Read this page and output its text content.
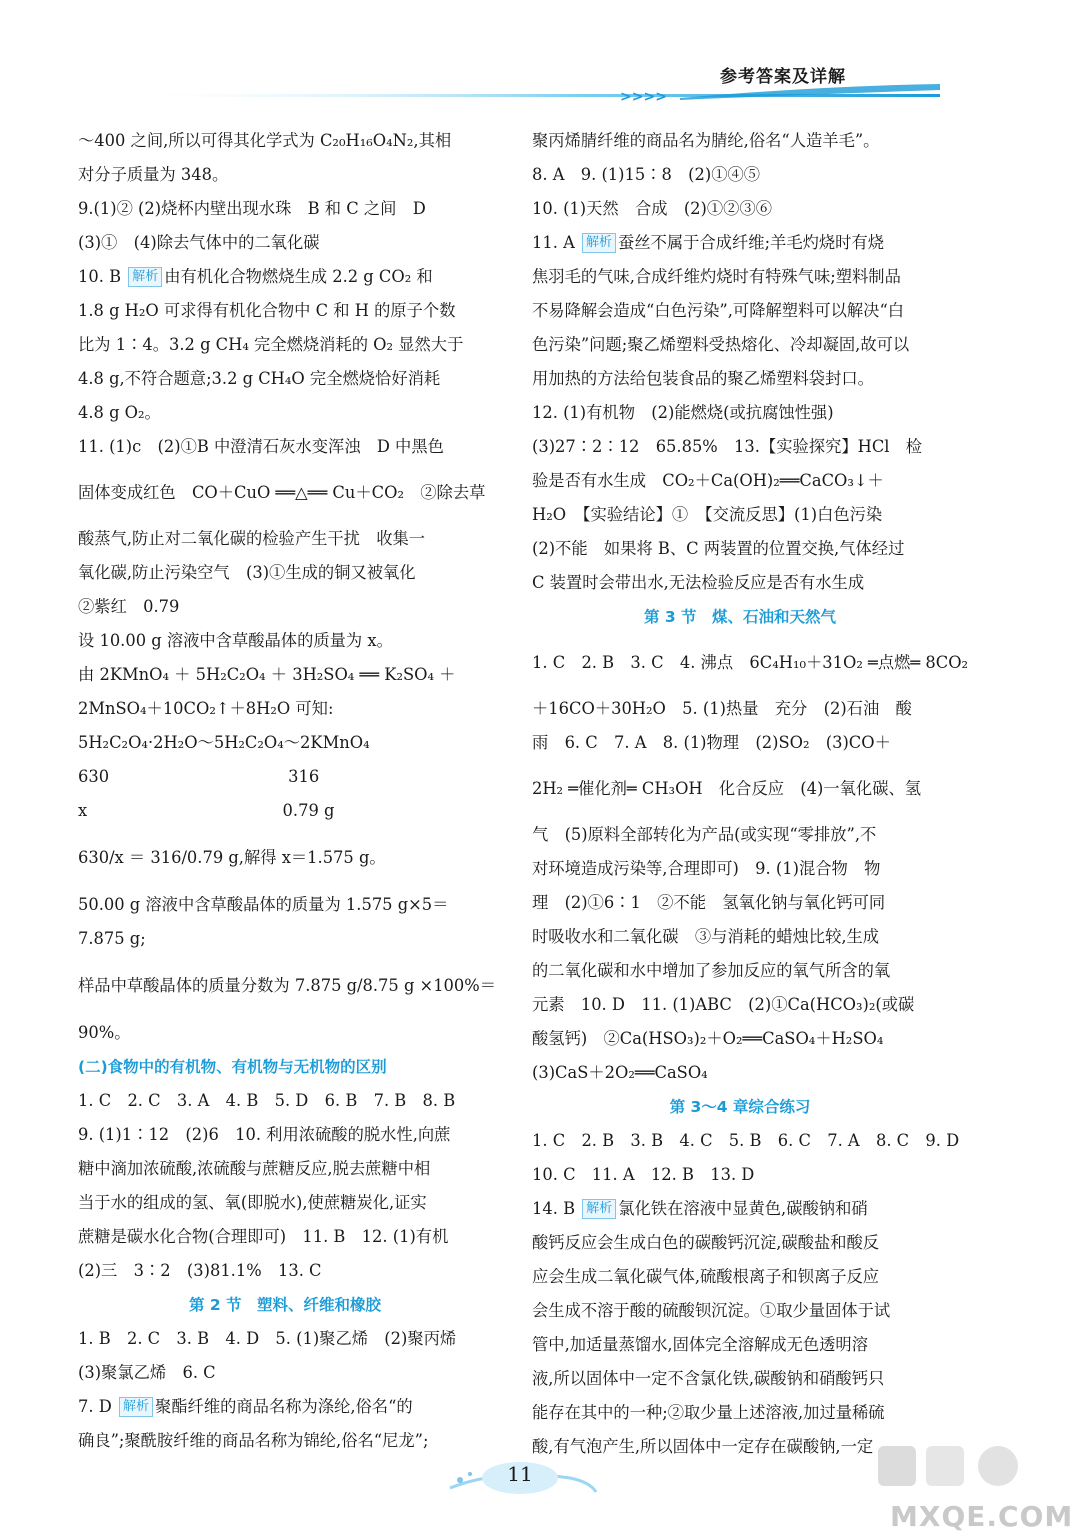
参考答案及详解
>>>>
～400 之间,所以可得其化学式为 C₂₀H₁₆O₄N₂,其相
对分子质量为 348。
9.(1)② (2)烧杯内壁出现水珠　B 和 C 之间　D
(3)①　(4)除去气体中的二氧化碳
10. B 解析 由有机化合物燃烧生成 2.2 g CO₂ 和
1.8 g H₂O 可求得有机化合物中 C 和 H 的原子个数
比为 1∶4。3.2 g CH₄ 完全燃烧消耗的 O₂ 显然大于
4.8 g,不符合题意;3.2 g CH₄O 完全燃烧恰好消耗
4.8 g O₂。
11. (1)c　(2)①B 中澄清石灰水变浑浊　D 中黑色
固体变成红色　CO＋CuO ══△══ Cu＋CO₂　②除去草
酸蒸气,防止对二氧化碳的检验产生干扰　收集一
氧化碳,防止污染空气　(3)①生成的铜又被氧化
②紫红　0.79
设 10.00 g 溶液中含草酸晶体的质量为 x。
由 2KMnO₄ ＋ 5H₂C₂O₄ ＋ 3H₂SO₄ ══ K₂SO₄ ＋
2MnSO₄＋10CO₂↑＋8H₂O 可知:
5H₂C₂O₄·2H₂O～5H₂C₂O₄～2KMnO₄
630　　　　　　　　　　　316
x　　　　　　　　　　　　0.79 g
630/x ＝ 316/0.79 g,解得 x＝1.575 g。
50.00 g 溶液中含草酸晶体的质量为 1.575 g×5＝
7.875 g;
样品中草酸晶体的质量分数为 7.875 g/8.75 g ×100%＝
90%。
(二)食物中的有机物、有机物与无机物的区别
1. C　2. C　3. A　4. B　5. D　6. B　7. B　8. B
9. (1)1∶12　(2)6　10. 利用浓硫酸的脱水性,向蔗
糖中滴加浓硫酸,浓硫酸与蔗糖反应,脱去蔗糖中相
当于水的组成的氢、氧(即脱水),使蔗糖炭化,证实
蔗糖是碳水化合物(合理即可)　11. B　12. (1)有机
(2)三　3∶2　(3)81.1%　13. C
第 2 节　塑料、纤维和橡胶
1. B　2. C　3. B　4. D　5. (1)聚乙烯　(2)聚丙烯
(3)聚氯乙烯　6. C
7. D 解析 聚酯纤维的商品名称为涤纶,俗名“的
确良”;聚酰胺纤维的商品名称为锦纶,俗名“尼龙”;
聚丙烯腈纤维的商品名为腈纶,俗名“人造羊毛”。
8. A　9. (1)15∶8　(2)①④⑤
10. (1)天然　合成　(2)①②③⑥
11. A 解析 蚕丝不属于合成纤维;羊毛灼烧时有烧
焦羽毛的气味,合成纤维灼烧时有特殊气味;塑料制品
不易降解会造成“白色污染”,可降解塑料可以解决“白
色污染”问题;聚乙烯塑料受热熔化、冷却凝固,故可以
用加热的方法给包装食品的聚乙烯塑料袋封口。
12. (1)有机物　(2)能燃烧(或抗腐蚀性强)
(3)27∶2∶12　65.85%　13.【实验探究】HCl　检
验是否有水生成　CO₂＋Ca(OH)₂══CaCO₃↓＋
H₂O　【实验结论】①　【交流反思】(1)白色污染
(2)不能　如果将 B、C 两装置的位置交换,气体经过
C 装置时会带出水,无法检验反应是否有水生成
第 3 节　煤、石油和天然气
1. C　2. B　3. C　4. 沸点　6C₄H₁₀＋31O₂ ═点燃═ 8CO₂
＋16CO＋30H₂O　5. (1)热量　充分　(2)石油　酸
雨　6. C　7. A　8. (1)物理　(2)SO₂　(3)CO＋
2H₂ ═催化剂═ CH₃OH　化合反应　(4)一氧化碳、氢
气　(5)原料全部转化为产品(或实现“零排放”,不
对环境造成污染等,合理即可)　9. (1)混合物　物
理　(2)①6∶1　②不能　氢氧化钠与氧化钙可同
时吸收水和二氧化碳　③与消耗的蜡烛比较,生成
的二氧化碳和水中增加了参加反应的氧气所含的氧
元素　10. D　11. (1)ABC　(2)①Ca(HCO₃)₂(或碳
酸氢钙)　②Ca(HSO₃)₂＋O₂══CaSO₄＋H₂SO₄
(3)CaS＋2O₂══CaSO₄
第 3～4 章综合练习
1. C　2. B　3. B　4. C　5. B　6. C　7. A　8. C　9. D
10. C　11. A　12. B　13. D
14. B 解析 氯化铁在溶液中显黄色,碳酸钠和硝
酸钙反应会生成白色的碳酸钙沉淀,碳酸盐和酸反
应会生成二氧化碳气体,硫酸根离子和钡离子反应
会生成不溶于酸的硫酸钡沉淀。①取少量固体于试
管中,加适量蒸馏水,固体完全溶解成无色透明溶
液,所以固体中一定不含氯化铁,碳酸钠和硝酸钙只
能存在其中的一种;②取少量上述溶液,加过量稀硫
酸,有气泡产生,所以固体中一定存在碳酸钠,一定
11
MXQE.COM
